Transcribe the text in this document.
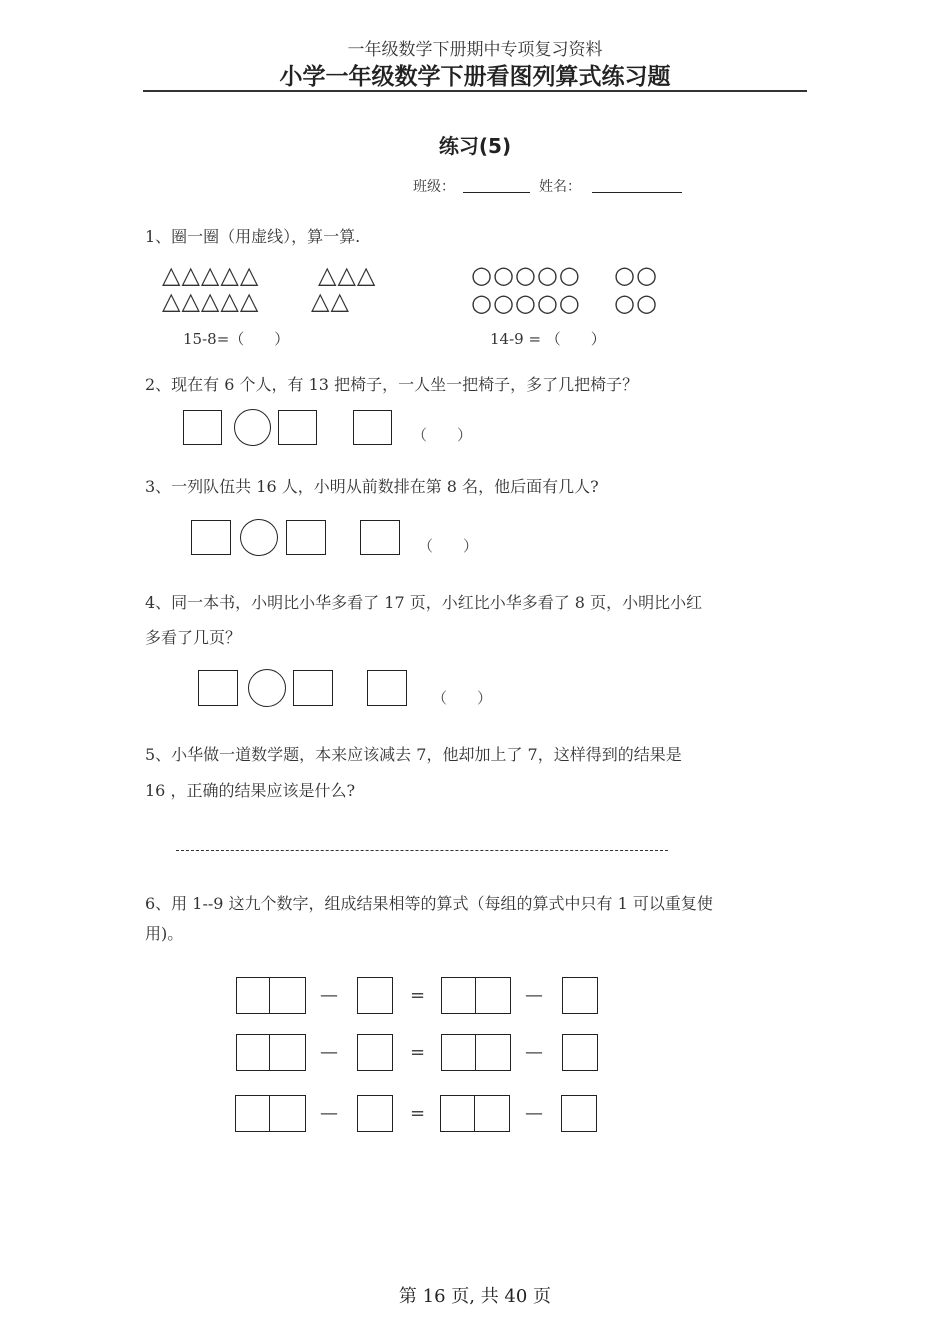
一年级数学下册期中专项复习资料
小学一年级数学下册看图列算式练习题
练习(5)
班级：	姓名：
1、圈一圈（用虚线），算一算.
△△△△△ △△△
△△△△△ △△
○○○○○ ○○
○○○○○ ○○
15-8=（　　）	14-9 = （　　）
2、现在有 6 个人，有 13 把椅子，一人坐一把椅子，多了几把椅子？
（　　）
3、一列队伍共 16 人，小明从前数排在第 8 名，他后面有几人?
（　　）
4、同一本书，小明比小华多看了 17 页，小红比小华多看了 8 页，小明比小红
多看了几页？
（　　）
5、小华做一道数学题，本来应该减去 7，他却加上了 7，这样得到的结果是
16 ，正确的结果应该是什么?
6、用 1--9 这九个数字，组成结果相等的算式（每组的算式中只有 1 可以重复使
用)。
—	=	—
—	=	—
—	=	—
第 16 页, 共 40 页
